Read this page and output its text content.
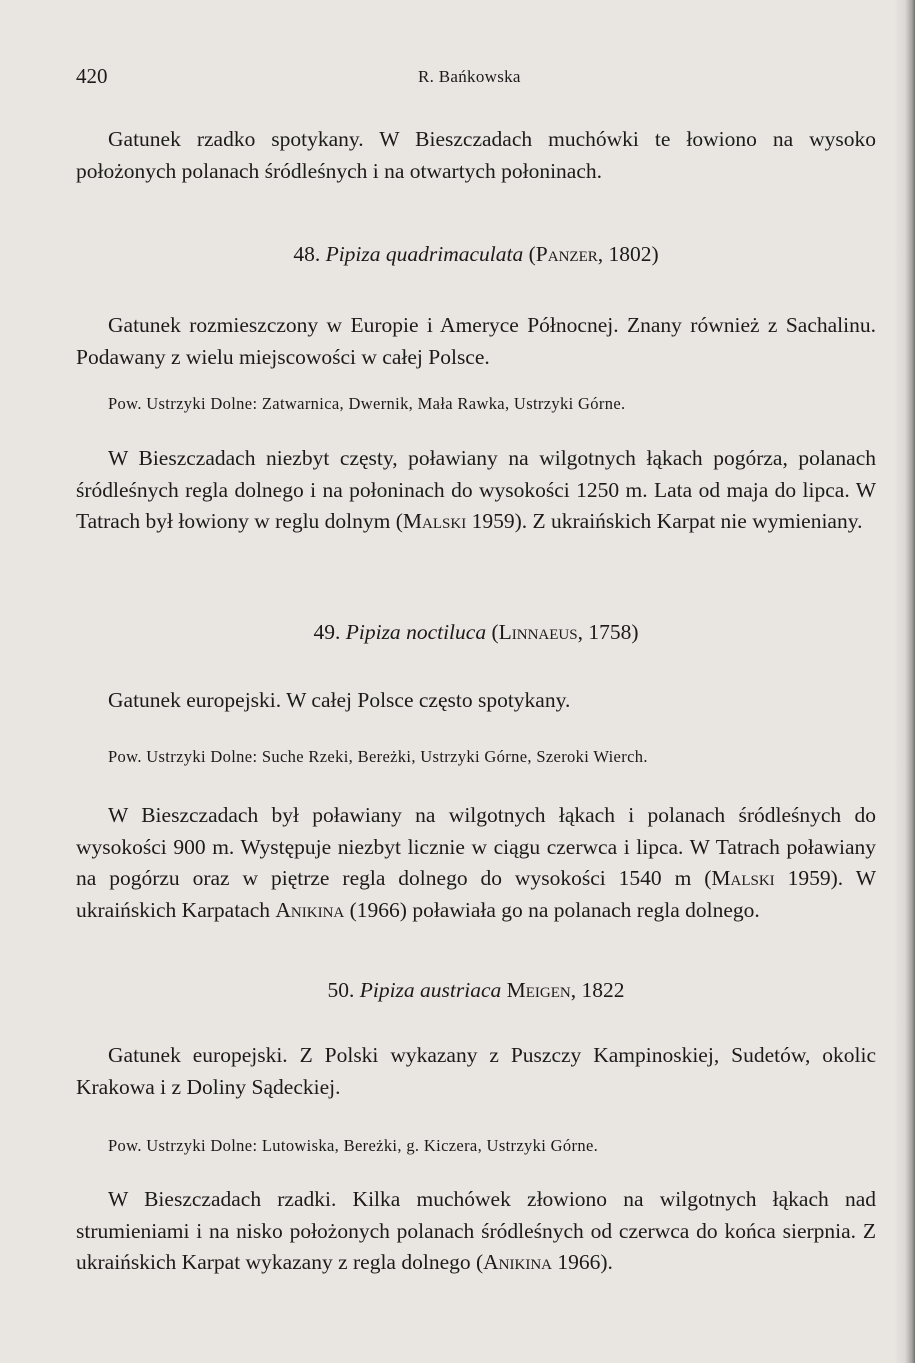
420	R. Bańkowska

Gatunek rzadko spotykany. W Bieszczadach muchówki te łowiono na wysoko położonych polanach śródleśnych i na otwartych połoninach.

48. Pipiza quadrimaculata (Panzer, 1802)

Gatunek rozmieszczony w Europie i Ameryce Północnej. Znany również z Sachalinu. Podawany z wielu miejscowości w całej Polsce.

Pow. Ustrzyki Dolne: Zatwarnica, Dwernik, Mała Rawka, Ustrzyki Górne.

W Bieszczadach niezbyt częsty, poławiany na wilgotnych łąkach pogórza, polanach śródleśnych regla dolnego i na połoninach do wysokości 1250 m. Lata od maja do lipca. W Tatrach był łowiony w reglu dolnym (Malski 1959). Z ukraińskich Karpat nie wymieniany.

49. Pipiza noctiluca (Linnaeus, 1758)

Gatunek europejski. W całej Polsce często spotykany.

Pow. Ustrzyki Dolne: Suche Rzeki, Bereżki, Ustrzyki Górne, Szeroki Wierch.

W Bieszczadach był poławiany na wilgotnych łąkach i polanach śródleśnych do wysokości 900 m. Występuje niezbyt licznie w ciągu czerwca i lipca. W Tatrach poławiany na pogórzu oraz w piętrze regla dolnego do wysokości 1540 m (Malski 1959). W ukraińskich Karpatach Anikina (1966) poławiała go na polanach regla dolnego.

50. Pipiza austriaca Meigen, 1822

Gatunek europejski. Z Polski wykazany z Puszczy Kampinoskiej, Sudetów, okolic Krakowa i z Doliny Sądeckiej.

Pow. Ustrzyki Dolne: Lutowiska, Bereżki, g. Kiczera, Ustrzyki Górne.

W Bieszczadach rzadki. Kilka muchówek złowiono na wilgotnych łąkach nad strumieniami i na nisko położonych polanach śródleśnych od czerwca do końca sierpnia. Z ukraińskich Karpat wykazany z regla dolnego (Anikina 1966).
